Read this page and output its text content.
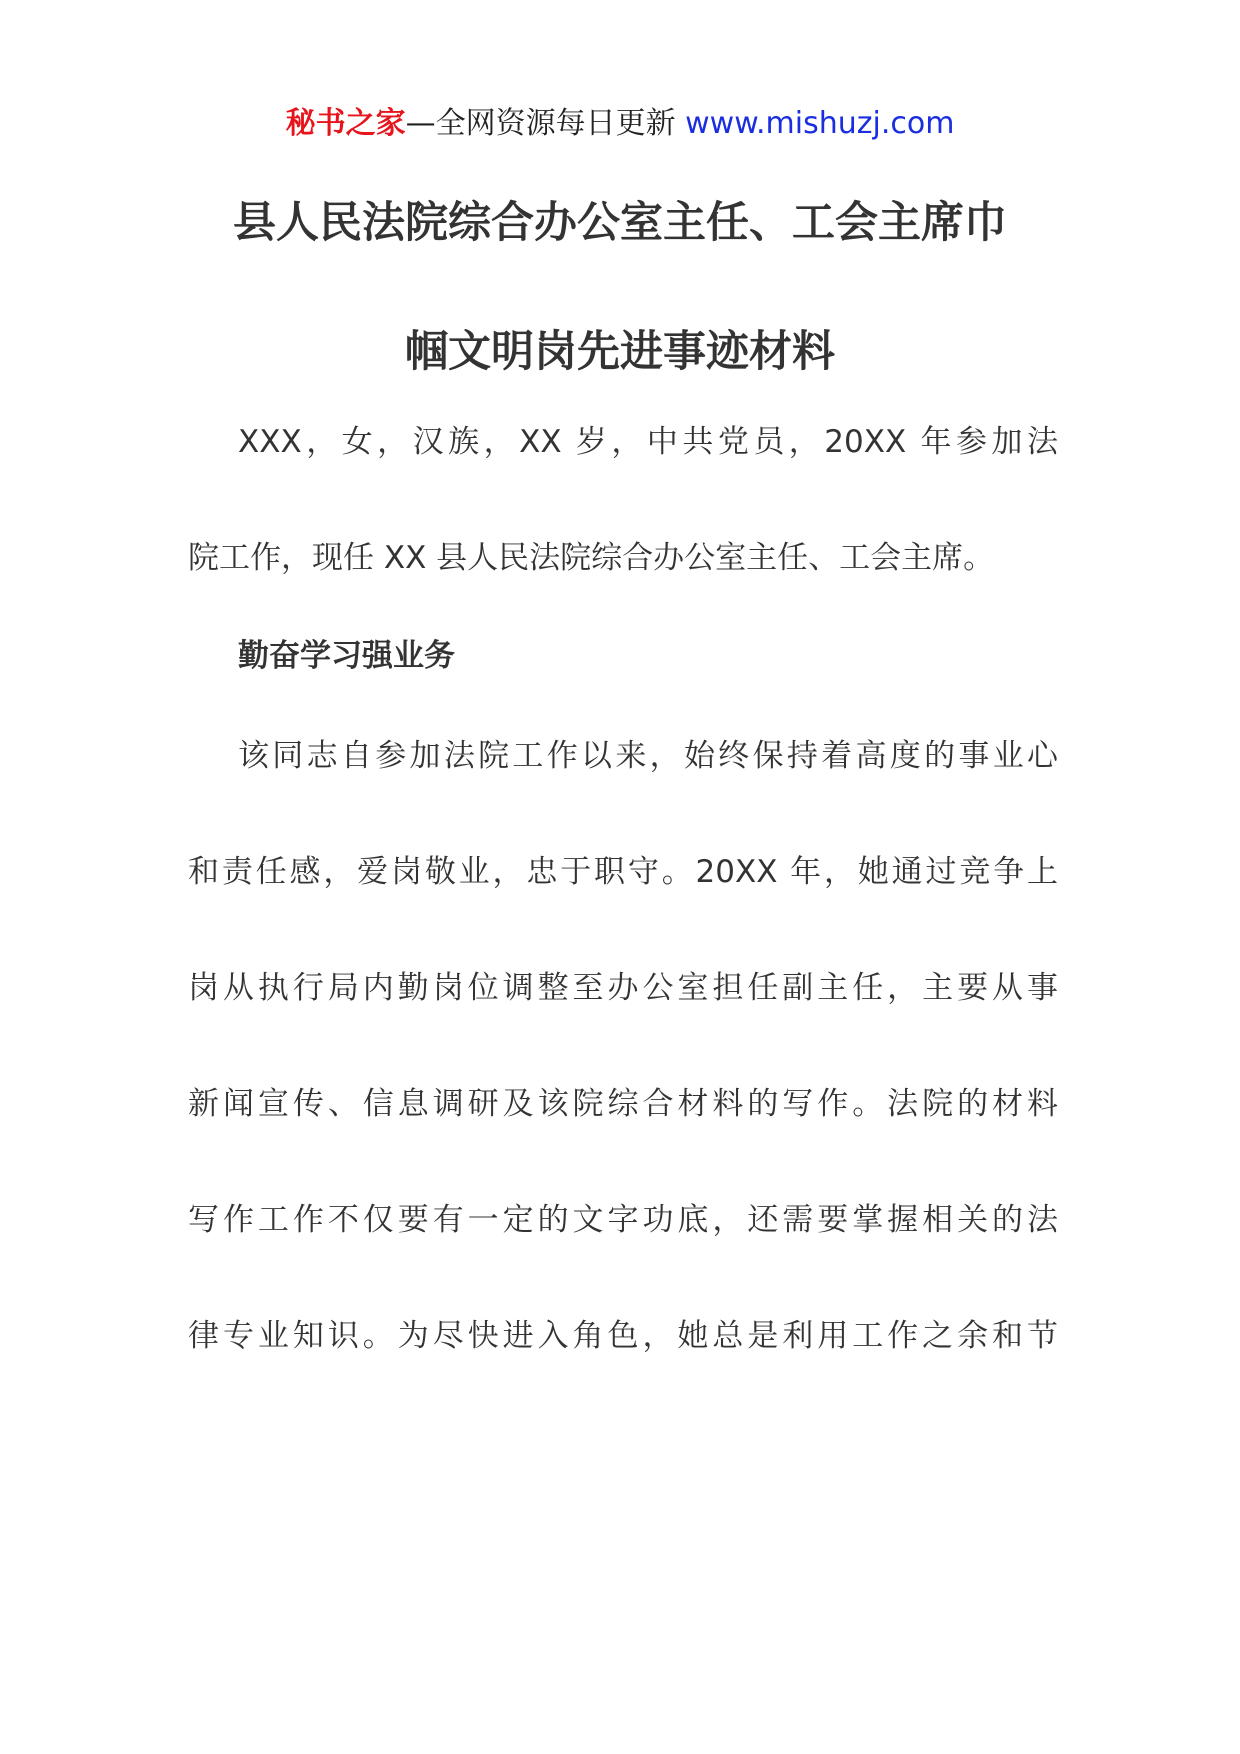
秘书之家—全网资源每日更新 www.mishuzj.com
县人民法院综合办公室主任、工会主席巾
帼文明岗先进事迹材料
XXX，女，汉族，XX 岁，中共党员，20XX 年参加法
院工作，现任 XX 县人民法院综合办公室主任、工会主席。
勤奋学习强业务
该同志自参加法院工作以来，始终保持着高度的事业心
和责任感，爱岗敬业，忠于职守。20XX 年，她通过竞争上
岗从执行局内勤岗位调整至办公室担任副主任，主要从事
新闻宣传、信息调研及该院综合材料的写作。法院的材料
写作工作不仅要有一定的文字功底，还需要掌握相关的法
律专业知识。为尽快进入角色，她总是利用工作之余和节
